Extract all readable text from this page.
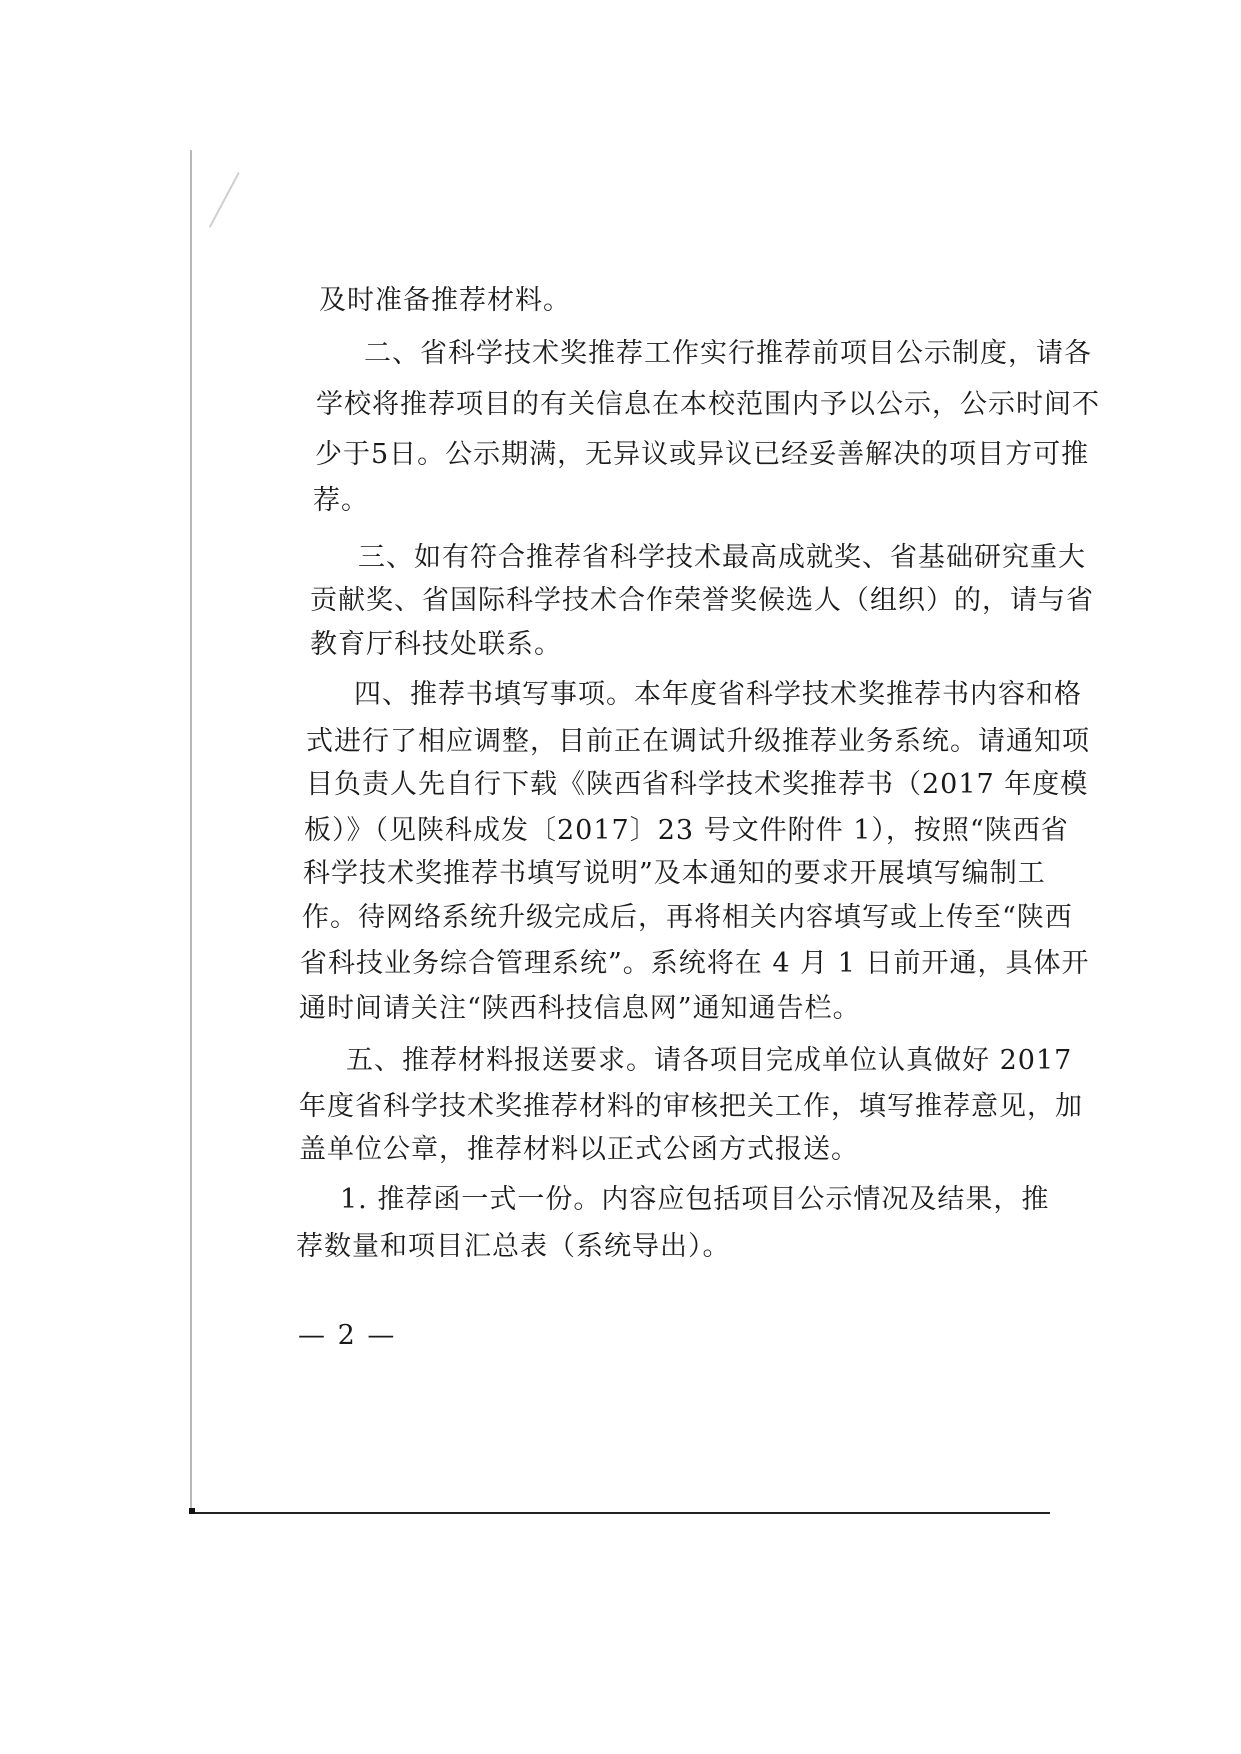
及时准备推荐材料。
二、省科学技术奖推荐工作实行推荐前项目公示制度，请各
学校将推荐项目的有关信息在本校范围内予以公示，公示时间不
少于5日。公示期满，无异议或异议已经妥善解决的项目方可推
荐。
三、如有符合推荐省科学技术最高成就奖、省基础研究重大
贡献奖、省国际科学技术合作荣誉奖候选人（组织）的，请与省
教育厅科技处联系。
四、推荐书填写事项。本年度省科学技术奖推荐书内容和格
式进行了相应调整，目前正在调试升级推荐业务系统。请通知项
目负责人先自行下载《陕西省科学技术奖推荐书（2017 年度模
板）》（见陕科成发〔2017〕23 号文件附件 1），按照“陕西省
科学技术奖推荐书填写说明”及本通知的要求开展填写编制工
作。待网络系统升级完成后，再将相关内容填写或上传至“陕西
省科技业务综合管理系统”。系统将在 4 月 1 日前开通，具体开
通时间请关注“陕西科技信息网”通知通告栏。
五、推荐材料报送要求。请各项目完成单位认真做好 2017
年度省科学技术奖推荐材料的审核把关工作，填写推荐意见，加
盖单位公章，推荐材料以正式公函方式报送。
1. 推荐函一式一份。内容应包括项目公示情况及结果，推
荐数量和项目汇总表（系统导出）。
— 2 —
